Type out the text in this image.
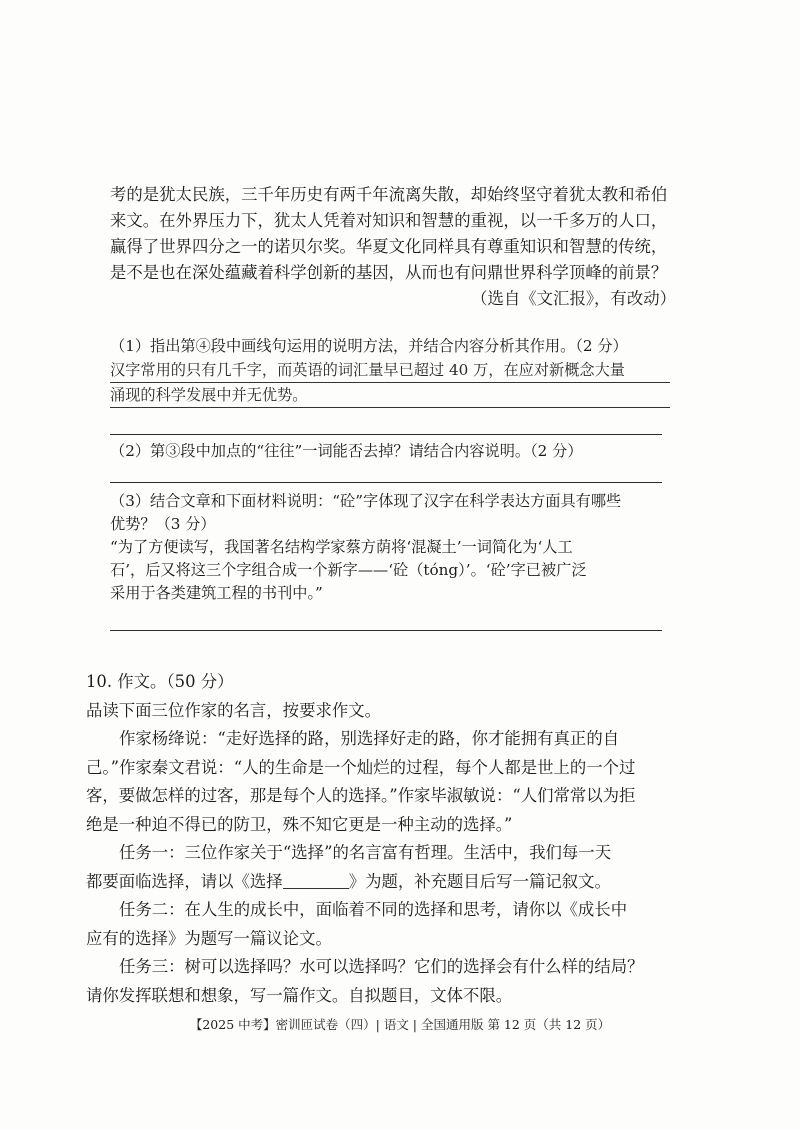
考的是犹太民族，三千年历史有两千年流离失散，却始终坚守着犹太教和希伯
来文。在外界压力下，犹太人凭着对知识和智慧的重视，以一千多万的人口，
赢得了世界四分之一的诺贝尔奖。华夏文化同样具有尊重知识和智慧的传统，
是不是也在深处蕴藏着科学创新的基因，从而也有问鼎世界科学顶峰的前景？
（选自《文汇报》，有改动）
（1）指出第④段中画线句运用的说明方法，并结合内容分析其作用。（2 分）
汉字常用的只有几千字，而英语的词汇量早已超过 40 万，在应对新概念大量
涌现的科学发展中并无优势。
（2）第③段中加点的“往往”一词能否去掉？请结合内容说明。（2 分）
（3）结合文章和下面材料说明：“砼”字体现了汉字在科学表达方面具有哪些
优势？（3 分）
“为了方便读写，我国著名结构学家蔡方荫将‘混凝土’一词简化为‘人工
石’，后又将这三个字组合成一个新字——‘砼（tóng）’。‘砼’字已被广泛
采用于各类建筑工程的书刊中。”
10. 作文。（50 分）
品读下面三位作家的名言，按要求作文。
作家杨绛说：“走好选择的路，别选择好走的路，你才能拥有真正的自
己。”作家秦文君说：“人的生命是一个灿烂的过程，每个人都是世上的一个过
客，要做怎样的过客，那是每个人的选择。”作家毕淑敏说：“人们常常以为拒
绝是一种迫不得已的防卫，殊不知它更是一种主动的选择。”
任务一：三位作家关于“选择”的名言富有哲理。生活中，我们每一天
都要面临选择，请以《选择	》为题，补充题目后写一篇记叙文。
任务二：在人生的成长中，面临着不同的选择和思考，请你以《成长中
应有的选择》为题写一篇议论文。
任务三：树可以选择吗？水可以选择吗？它们的选择会有什么样的结局？
请你发挥联想和想象，写一篇作文。自拟题目，文体不限。
【2025 中考】密训匝试卷（四）| 语文 | 全国通用版 第 12 页（共 12 页）
